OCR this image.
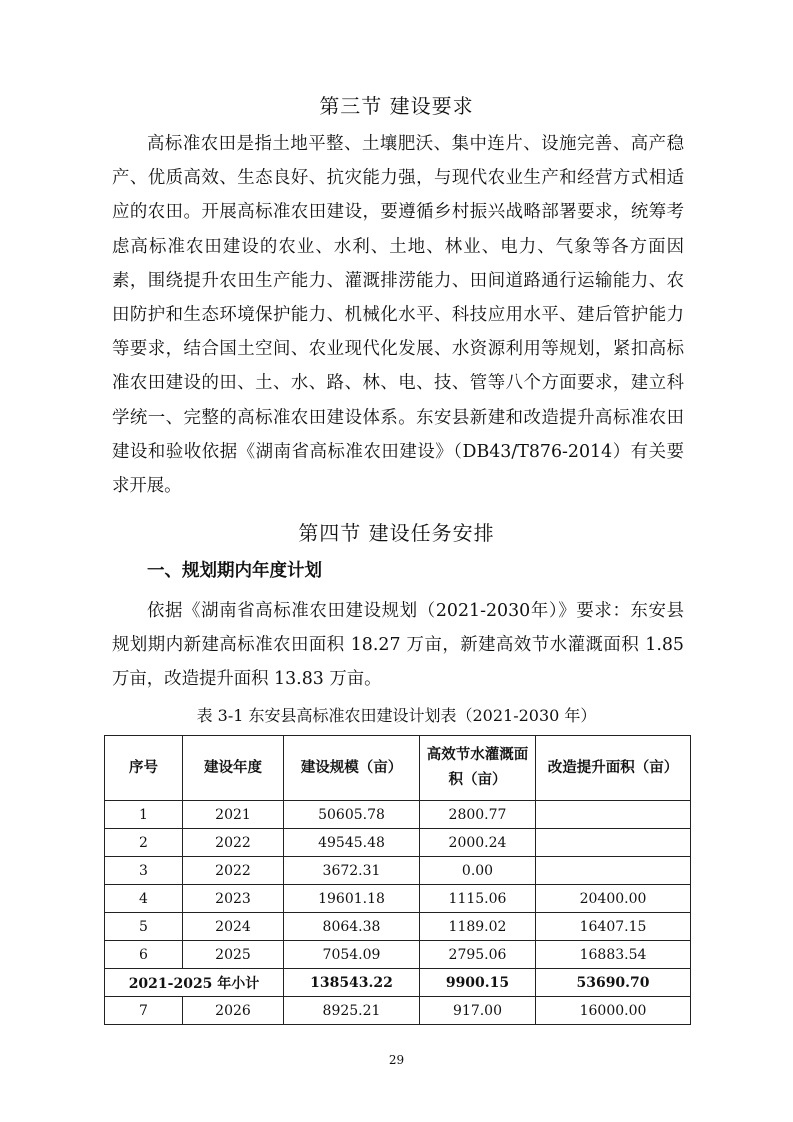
第三节 建设要求

高标准农田是指土地平整、土壤肥沃、集中连片、设施完善、高产稳产、优质高效、生态良好、抗灾能力强，与现代农业生产和经营方式相适应的农田。开展高标准农田建设，要遵循乡村振兴战略部署要求，统筹考虑高标准农田建设的农业、水利、土地、林业、电力、气象等各方面因素，围绕提升农田生产能力、灌溉排涝能力、田间道路通行运输能力、农田防护和生态环境保护能力、机械化水平、科技应用水平、建后管护能力等要求，结合国土空间、农业现代化发展、水资源利用等规划，紧扣高标准农田建设的田、土、水、路、林、电、技、管等八个方面要求，建立科学统一、完整的高标准农田建设体系。东安县新建和改造提升高标准农田建设和验收依据《湖南省高标准农田建设》（DB43/T876-2014）有关要求开展。

第四节 建设任务安排
一、规划期内年度计划

依据《湖南省高标准农田建设规划（2021-2030年）》要求：东安县规划期内新建高标准农田面积 18.27 万亩，新建高效节水灌溉面积 1.85 万亩，改造提升面积 13.83 万亩。

表 3-1 东安县高标准农田建设计划表（2021-2030 年）
序号	建设年度	建设规模（亩）	高效节水灌溉面积（亩）	改造提升面积（亩）
1	2021	50605.78	2800.77	
2	2022	49545.48	2000.24	
3	2022	3672.31	0.00	
4	2023	19601.18	1115.06	20400.00
5	2024	8064.38	1189.02	16407.15
6	2025	7054.09	2795.06	16883.54
2021-2025 年小计		138543.22	9900.15	53690.70
7	2026	8925.21	917.00	16000.00
29
